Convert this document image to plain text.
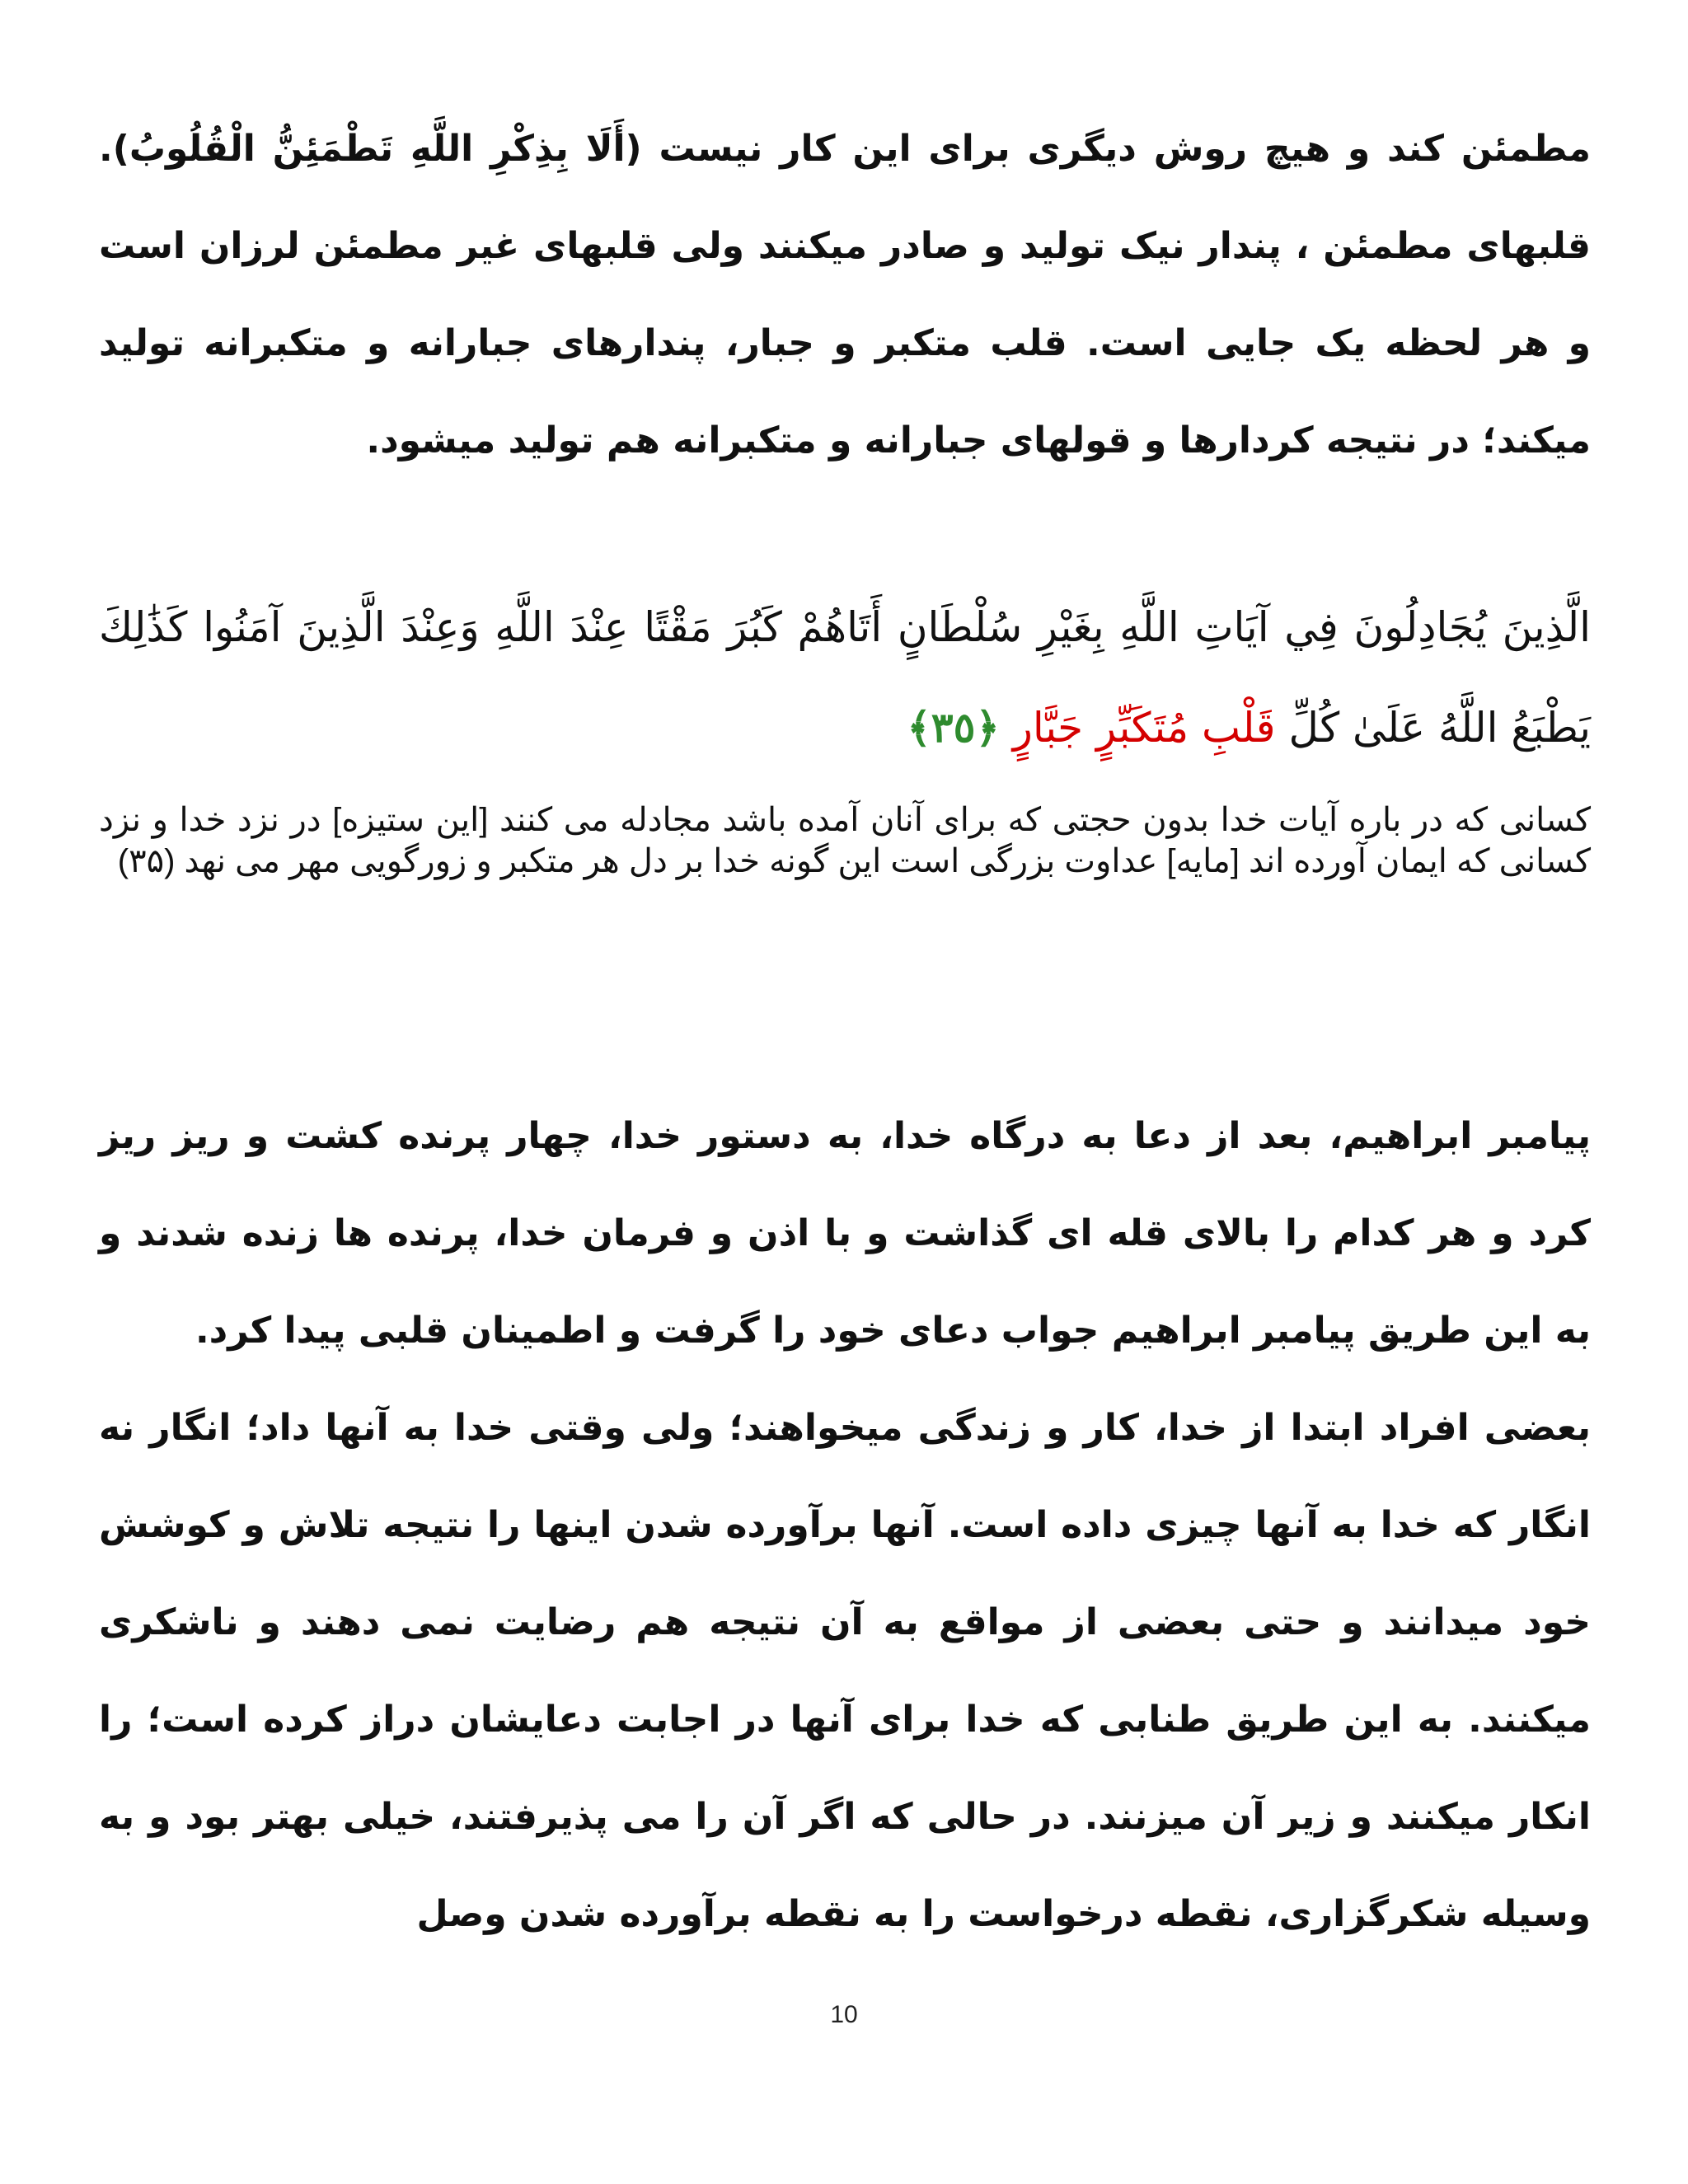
مطمئن کند و هیچ روش دیگری برای این کار نیست (أَلَا بِذِكْرِ اللَّهِ تَطْمَئِنُّ الْقُلُوبُ). قلبهای مطمئن ، پندار نیک تولید و صادر میکنند ولی قلبهای غیر مطمئن لرزان است و هر لحظه یک جایی است. قلب متکبر و جبار، پندارهای جبارانه و متکبرانه تولید میکند؛ در نتیجه کردارها و قولهای جبارانه و متکبرانه هم تولید میشود.

الَّذِينَ يُجَادِلُونَ فِي آيَاتِ اللَّهِ بِغَيْرِ سُلْطَانٍ أَتَاهُمْ كَبُرَ مَقْتًا عِنْدَ اللَّهِ وَعِنْدَ الَّذِينَ آمَنُوا كَذَٰلِكَ يَطْبَعُ اللَّهُ عَلَىٰ كُلِّ قَلْبِ مُتَكَبِّرٍ جَبَّارٍ ﴿٣٥﴾
کسانی که در باره آیات خدا بدون حجتی که برای آنان آمده باشد مجادله می کنند [این ستیزه] در نزد خدا و نزد کسانی که ایمان آورده اند [مایه] عداوت بزرگی است این گونه خدا بر دل هر متکبر و زورگویی مهر می نهد (۳۵)

پیامبر ابراهیم، بعد از دعا به درگاه خدا، به دستور خدا، چهار پرنده کشت و ریز ریز کرد و هر کدام را بالای قله ای گذاشت و با اذن و فرمان خدا، پرنده ها زنده شدند و به این طریق پیامبر ابراهیم جواب دعای خود را گرفت و اطمینان قلبی پیدا کرد.

بعضی افراد ابتدا از خدا، کار و زندگی میخواهند؛ ولی وقتی خدا به آنها داد؛ انگار نه انگار که خدا به آنها چیزی داده است. آنها برآورده شدن اینها را نتیجه تلاش و کوشش خود میدانند و حتی بعضی از مواقع به آن نتیجه هم رضایت نمی دهند و ناشکری میکنند. به این طریق طنابی که خدا برای آنها در اجابت دعایشان دراز کرده است؛ را انکار میکنند و زیر آن میزنند. در حالی که اگر آن را می پذیرفتند، خیلی بهتر بود و به وسیله شکرگزاری، نقطه درخواست را به نقطه برآورده شدن وصل

10
